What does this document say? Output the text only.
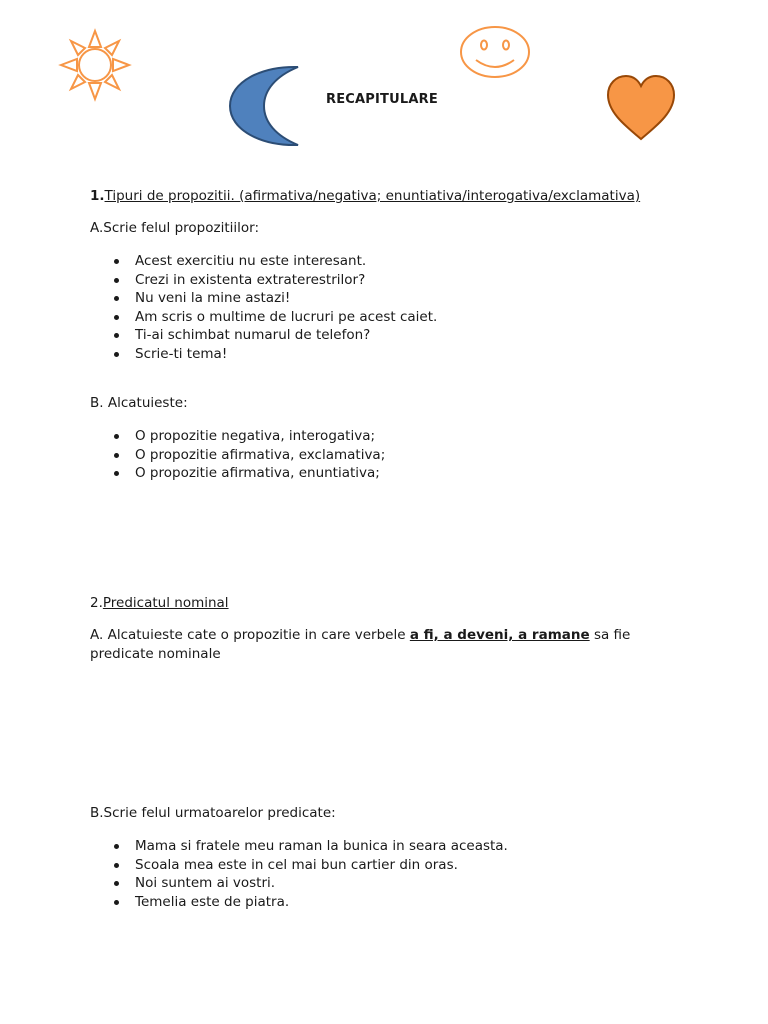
RECAPITULARE
1.Tipuri de propozitii. (afirmativa/negativa; enuntiativa/interogativa/exclamativa)
A.Scrie felul propozitiilor:
Acest exercitiu nu este interesant.
Crezi in existenta extraterestrilor?
Nu veni la mine astazi!
Am scris o multime de lucruri pe acest caiet.
Ti-ai schimbat numarul de telefon?
Scrie-ti tema!
B. Alcatuieste:
O propozitie negativa, interogativa;
O propozitie afirmativa, exclamativa;
O propozitie afirmativa, enuntiativa;
2.Predicatul nominal
A. Alcatuieste cate o propozitie in care verbele a fi, a deveni, a ramane sa fie
predicate nominale
B.Scrie felul urmatoarelor predicate:
Mama si fratele meu raman la bunica in seara aceasta.
Scoala mea este in cel mai bun cartier din oras.
Noi suntem ai vostri.
Temelia este de piatra.
